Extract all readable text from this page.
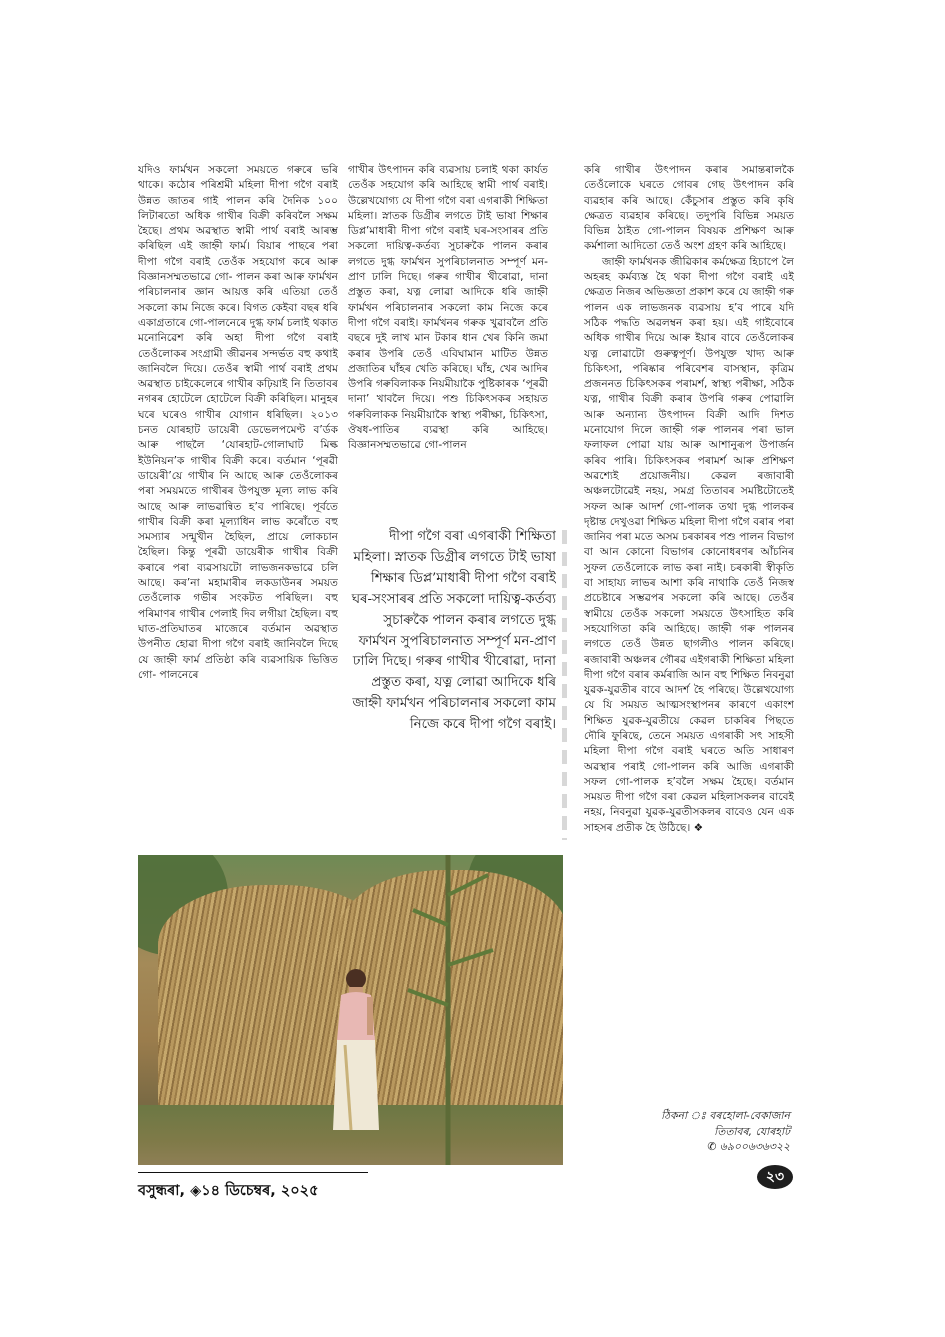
যদিও ফাৰ্মখন সকলো সময়তে গৰুৰে ভৰি থাকে। কঠোৰ পৰিশ্ৰমী মহিলা দীপা গগৈ বৰাই উন্নত জাতৰ গাই পালন কৰি দৈনিক ১০০ লিটাৰতো অধিক গাখীৰ বিক্ৰী কৰিবলৈ সক্ষম হৈছে। প্ৰথম অৱস্থাত স্বামী পাৰ্থ বৰাই আৰম্ভ কৰিছিল এই জাহ্নী ফাৰ্ম। বিয়াৰ পাছৰে পৰা দীপা গগৈ বৰাই তেওঁক সহযোগ কৰে আৰু বিজ্ঞানসম্মতভাৱে গো- পালন কৰা আৰু ফাৰ্মখন পৰিচালনাৰ জ্ঞান আয়ত্ত কৰি এতিয়া তেওঁ সকলো কাম নিজে কৰে। বিগত কেইবা বছৰ ধৰি একাগ্ৰতাৰে গো-পালনেৰে দুগ্ধ ফাৰ্ম চলাই থকাত মনোনিৱেশ কৰি অহা দীপা গগৈ বৰাই তেওঁলোকৰ সংগ্ৰামী জীৱনৰ সন্দৰ্ভত বহু কথাই জানিবলৈ দিয়ে। তেওঁৰ স্বামী পাৰ্থ বৰাই প্ৰথম অৱস্থাত চাইকেলেৰে গাখীৰ কঢ়িয়াই নি তিতাবৰ নগৰৰ হোটেলে হোটেলে বিক্ৰী কৰিছিল। মানুহৰ ঘৰে ঘৰেও গাখীৰ যোগান ধৰিছিল। ২০১৩ চনত যোৰহাট ডায়েৰী ডেভেলপমেণ্ট ব’ৰ্ডক আৰু পাছলৈ ‘যোৰহাট-গোলাঘাট মিল্ক ইউনিয়ন’ক গাখীৰ বিক্ৰী কৰে। বৰ্তমান ‘পূৰৱী ডায়েৰী’য়ে গাখীৰ নি আছে আৰু তেওঁলোকৰ পৰা সময়মতে গাখীৰৰ উপযুক্ত মূল্য লাভ কৰি আছে আৰু লাভৱান্বিত হ’ব পাৰিছে। পূৰ্বতে গাখীৰ বিক্ৰী কৰা মূল্যাধিন লাভ কৰোঁতে বহু সমস্যাৰ সন্মুখীন হৈছিল, প্ৰায়ে লোকচান হৈছিল। কিন্তু পূৰৱী ডায়েৰীক গাখীৰ বিক্ৰী কৰাৰে পৰা ব্যৱসায়টো লাভজনকভাৱে চলি আছে। কৰ’না মহামাৰীৰ লকডাউনৰ সময়ত তেওঁলোক গভীৰ সংকটত পৰিছিল। বহু পৰিমাণৰ গাখীৰ পেলাই দিব লগীয়া হৈছিল। বহু ঘাত-প্ৰতিঘাতৰ মাজেৰে বৰ্তমান অৱস্থাত উপনীত হোৱা দীপা গগৈ বৰাই জানিবলৈ দিছে যে জাহ্নী ফাৰ্ম প্ৰতিষ্ঠা কৰি ব্যৱসায়িক ভিত্তিত গো- পালনেৰে

গাখীৰ উৎপাদন কৰি ব্যৱসায় চলাই থকা কাৰ্যত তেওঁক সহযোগ কৰি আহিছে স্বামী পাৰ্থ বৰাই। উল্লেখযোগ্য যে দীপা গগৈ বৰা এগৰাকী শিক্ষিতা মহিলা। স্নাতক ডিগ্ৰীৰ লগতে টাই ভাষা শিক্ষাৰ ডিপ্ল’মাধাৰী দীপা গগৈ বৰাই ঘৰ-সংসাৰৰ প্ৰতি সকলো দায়িত্ব-কৰ্তব্য সুচাৰুকৈ পালন কৰাৰ লগতে দুগ্ধ ফাৰ্মখন সুপৰিচালনাত সম্পূৰ্ণ মন-প্ৰাণ ঢালি দিছে। গৰুৰ গাখীৰ খীৰোৱা, দানা প্ৰস্তুত কৰা, যত্ন লোৱা আদিকে ধৰি জাহ্নী ফাৰ্মখন পৰিচালনাৰ সকলো কাম নিজে কৰে দীপা গগৈ বৰাই। ফাৰ্মখনৰ গৰুক খুৱাবলৈ প্ৰতি বছৰে দুই লাখ মান টকাৰ ধান খেৰ কিনি জমা কৰাৰ উপৰি তেওঁ এবিঘামান মাটিত উন্নত প্ৰজাতিৰ ঘাঁহৰ খেতি কৰিছে। ঘাঁহ, খেৰ আদিৰ উপৰি গৰুবিলাকক নিয়মীয়াকৈ পুষ্টিকাৰক ‘পূৰৱী দানা’ খাবলৈ দিয়ে। পশু চিকিৎসকৰ সহায়ত গৰুবিলাকক নিয়মীয়াকৈ স্বাস্থ্য পৰীক্ষা, চিকিৎসা, ঔষধ-পাতিৰ ব্যৱস্থা কৰি আহিছে। বিজ্ঞানসম্মতভাৱে গো-পালন

দীপা গগৈ বৰা এগৰাকী শিক্ষিতা মহিলা। স্নাতক ডিগ্ৰীৰ লগতে টাই ভাষা শিক্ষাৰ ডিপ্ল’মাধাৰী দীপা গগৈ বৰাই ঘৰ-সংসাৰৰ প্ৰতি সকলো দায়িত্ব-কৰ্তব্য সুচাৰুকৈ পালন কৰাৰ লগতে দুগ্ধ ফাৰ্মখন সুপৰিচালনাত সম্পূৰ্ণ মন-প্ৰাণ ঢালি দিছে। গৰুৰ গাখীৰ খীৰোৱা, দানা প্ৰস্তুত কৰা, যত্ন লোৱা আদিকে ধৰি জাহ্নী ফাৰ্মখন পৰিচালনাৰ সকলো কাম নিজে কৰে দীপা গগৈ বৰাই।

কৰি গাখীৰ উৎপাদন কৰাৰ সমান্তৰালকৈ তেওঁলোকে ঘৰতে গোবৰ গেছ উৎপাদন কৰি ব্যৱহাৰ কৰি আছে। কেঁচুসাৰ প্ৰস্তুত কৰি কৃষি ক্ষেত্ৰত ব্যৱহাৰ কৰিছে। তদুপৰি বিভিন্ন সময়ত বিভিন্ন ঠাইত গো-পালন বিষয়ক প্ৰশিক্ষণ আৰু কৰ্মশালা আদিতো তেওঁ অংশ গ্ৰহণ কৰি আহিছে।

জাহ্নী ফাৰ্মখনক জীৱিকাৰ কৰ্মক্ষেত্ৰ হিচাপে লৈ অহৰহ কৰ্মব্যস্ত হৈ থকা দীপা গগৈ বৰাই এই ক্ষেত্ৰত নিজৰ অভিজ্ঞতা প্ৰকাশ কৰে যে জাহ্নী গৰু পালন এক লাভজনক ব্যৱসায় হ’ব পাৰে যদি সঠিক পদ্ধতি অৱলম্বন কৰা হয়। এই গাইবোৰে অধিক গাখীৰ দিয়ে আৰু ইয়াৰ বাবে তেওঁলোকৰ যত্ন লোৱাটো গুৰুত্বপূৰ্ণ। উপযুক্ত খাদ্য আৰু চিকিৎসা, পৰিষ্কাৰ পৰিবেশৰ বাসস্থান, কৃত্ৰিম প্ৰজননত চিকিৎসকৰ পৰামৰ্শ, স্বাস্থ্য পৰীক্ষা, সঠিক যত্ন, গাখীৰ বিক্ৰী কৰাৰ উপৰি গৰুৰ পোৱালি আৰু অন্যান্য উৎপাদন বিক্ৰী আদি দিশত মনোযোগ দিলে জাহ্নী গৰু পালনৰ পৰা ভাল ফলাফল পোৱা যায় আৰু আশানুৰূপ উপাৰ্জন কৰিব পাৰি। চিকিৎসকৰ পৰামৰ্শ আৰু প্ৰশিক্ষণ অৱশ্যেই প্ৰয়োজনীয়। কেৱল ৰজাবাৰী অঞ্চলটোৱেই নহয়, সমগ্ৰ তিতাবৰ সমষ্টিটোতেই সফল আৰু আদৰ্শ গো-পালক তথা দুগ্ধ পালকৰ দৃষ্টান্ত দেখুওৱা শিক্ষিত মহিলা দীপা গগৈ বৰাৰ পৰা জানিব পৰা মতে অসম চৰকাৰৰ পশু পালন বিভাগ বা আন কোনো বিভাগৰ কোনোধৰণৰ আঁচনিৰ সুফল তেওঁলোকে লাভ কৰা নাই। চৰকাৰী স্বীকৃতি বা সাহায্য লাভৰ আশা কৰি নাথাকি তেওঁ নিজস্ব প্ৰচেষ্টাৰে সম্ভৱপৰ সকলো কৰি আছে। তেওঁৰ স্বামীয়ে তেওঁক সকলো সময়তে উৎসাহিত কৰি সহযোগিতা কৰি আহিছে। জাহ্নী গৰু পালনৰ লগতে তেওঁ উন্নত ছাগলীও পালন কৰিছে। ৰজাবাৰী অঞ্চলৰ গৌৰৱ এইগৰাকী শিক্ষিতা মহিলা দীপা গগৈ বৰাৰ কৰ্মৰাজি আন বহু শিক্ষিত নিবনুৱা যুৱক-যুৱতীৰ বাবে আদৰ্শ হৈ পৰিছে। উল্লেখযোগ্য যে যি সময়ত আত্মসংস্থাপনৰ কাৰণে একাংশ শিক্ষিত যুৱক-যুৱতীয়ে কেৱল চাকৰিৰ পিছতে দৌৰি ফুৰিছে, তেনে সময়ত এগৰাকী সৎ সাহসী মহিলা দীপা গগৈ বৰাই ঘৰতে অতি সাধাৰণ অৱস্থাৰ পৰাই গো-পালন কৰি আজি এগৰাকী সফল গো-পালক হ’বলৈ সক্ষম হৈছে। বৰ্তমান সময়ত দীপা গগৈ বৰা কেৱল মহিলাসকলৰ বাবেই নহয়, নিবনুৱা যুৱক-যুৱতীসকলৰ বাবেও যেন এক সাহসৰ প্ৰতীক হৈ উঠিছে। ❖

ঠিকনা ঃ বৰহোলা-বেকাজান
তিতাবৰ, যোৰহাট
✆ ৬৯০০৬৩৬৩২২
বসুন্ধৰা, ◈১৪ ডিচেম্বৰ, ২০২৫
২৩
